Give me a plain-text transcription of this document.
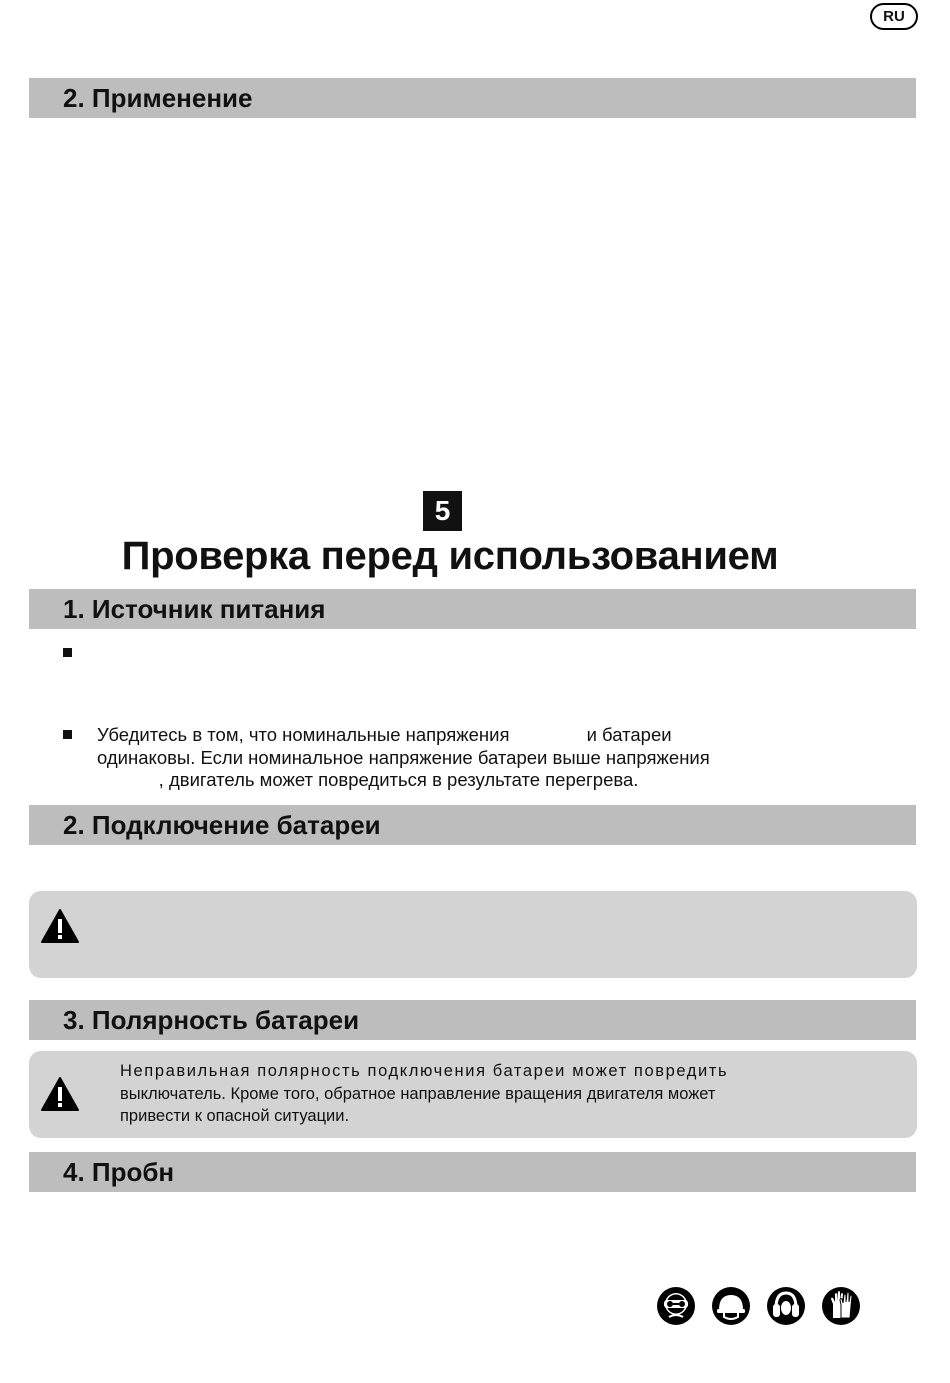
RU
2. Применение
5
Проверка перед использованием
1. Источник питания
Убедитесь в том, что номинальные напряжения               и батареи
одинаковы. Если номинальное напряжение батареи выше напряжения
, двигатель может повредиться в результате перегрева.
2. Подключение батареи
3. Полярность батареи
Неправильная полярность подключения батареи может повредить
выключатель. Кроме того, обратное направление вращения двигателя может
привести к опасной ситуации.
4. Пробн
